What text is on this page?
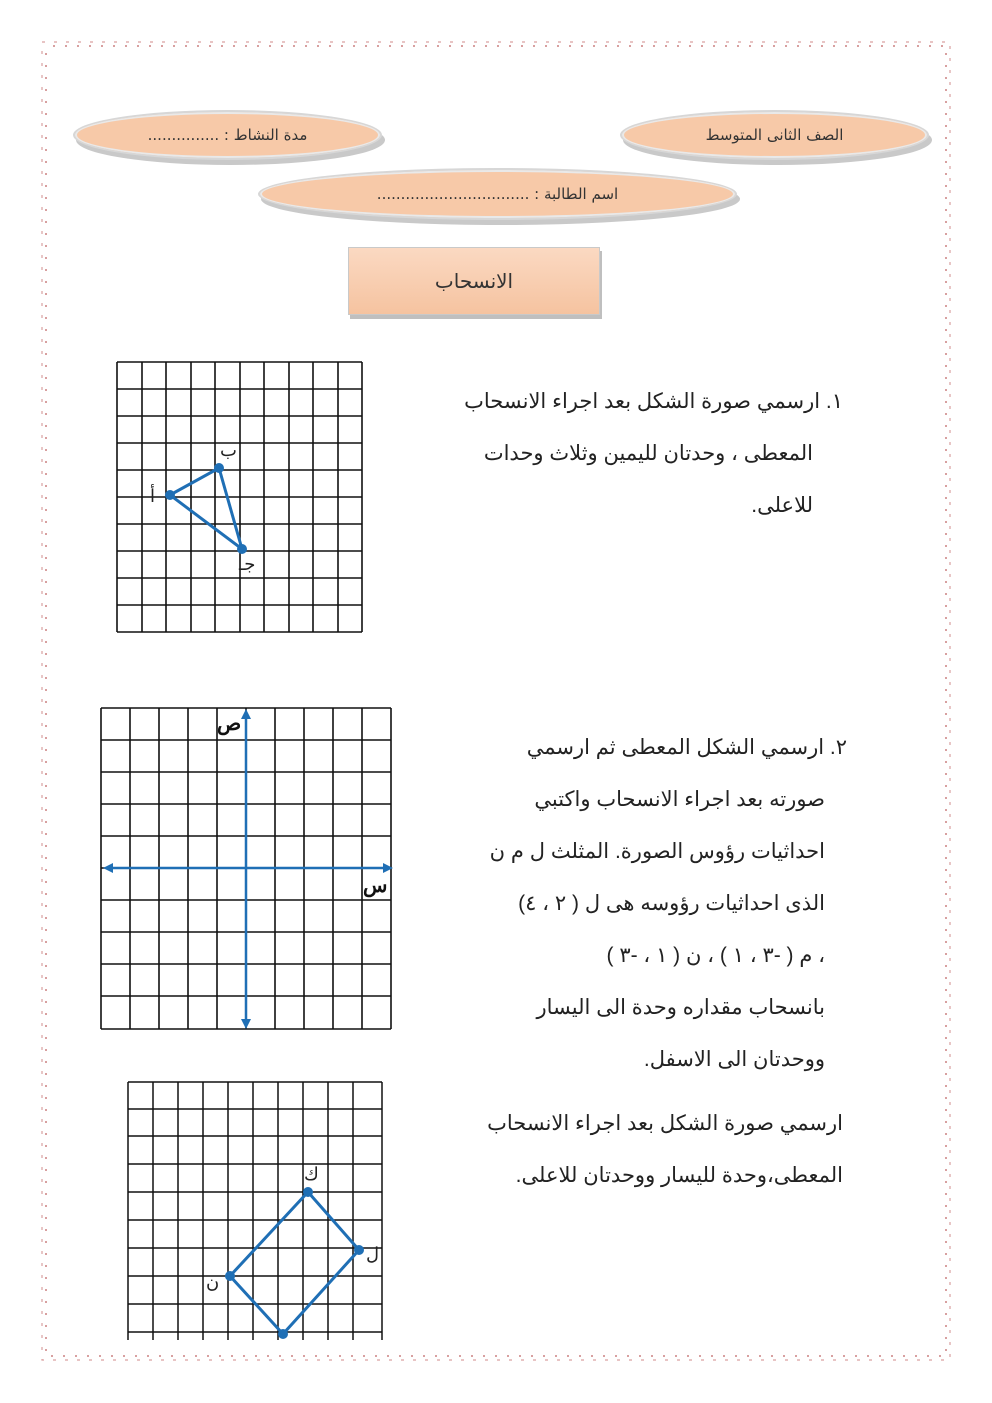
الصف الثانى المتوسط
مدة النشاط : ...............
اسم الطالبة : ................................
الانسحاب
١. ارسمي صورة الشكل بعد اجراء الانسحاب
المعطى ، وحدتان لليمين وثلاث وحدات
للاعلى.
أ
ب
جـ
٢. ارسمي الشكل المعطى ثم ارسمي
صورته بعد اجراء الانسحاب واكتبي
احداثيات رؤوس الصورة. المثلث ل م ن
الذى احداثيات رؤوسه هى ل ( ٢ ، ٤)
، م ( -٣ ، ١ ) ، ن ( ١ ، -٣ )
بانسحاب مقداره وحدة الى اليسار
ووحدتان الى الاسفل.
ص
س
ارسمي صورة الشكل بعد اجراء الانسحاب
المعطى،وحدة لليسار ووحدتان للاعلى.
ك
ل
ن
